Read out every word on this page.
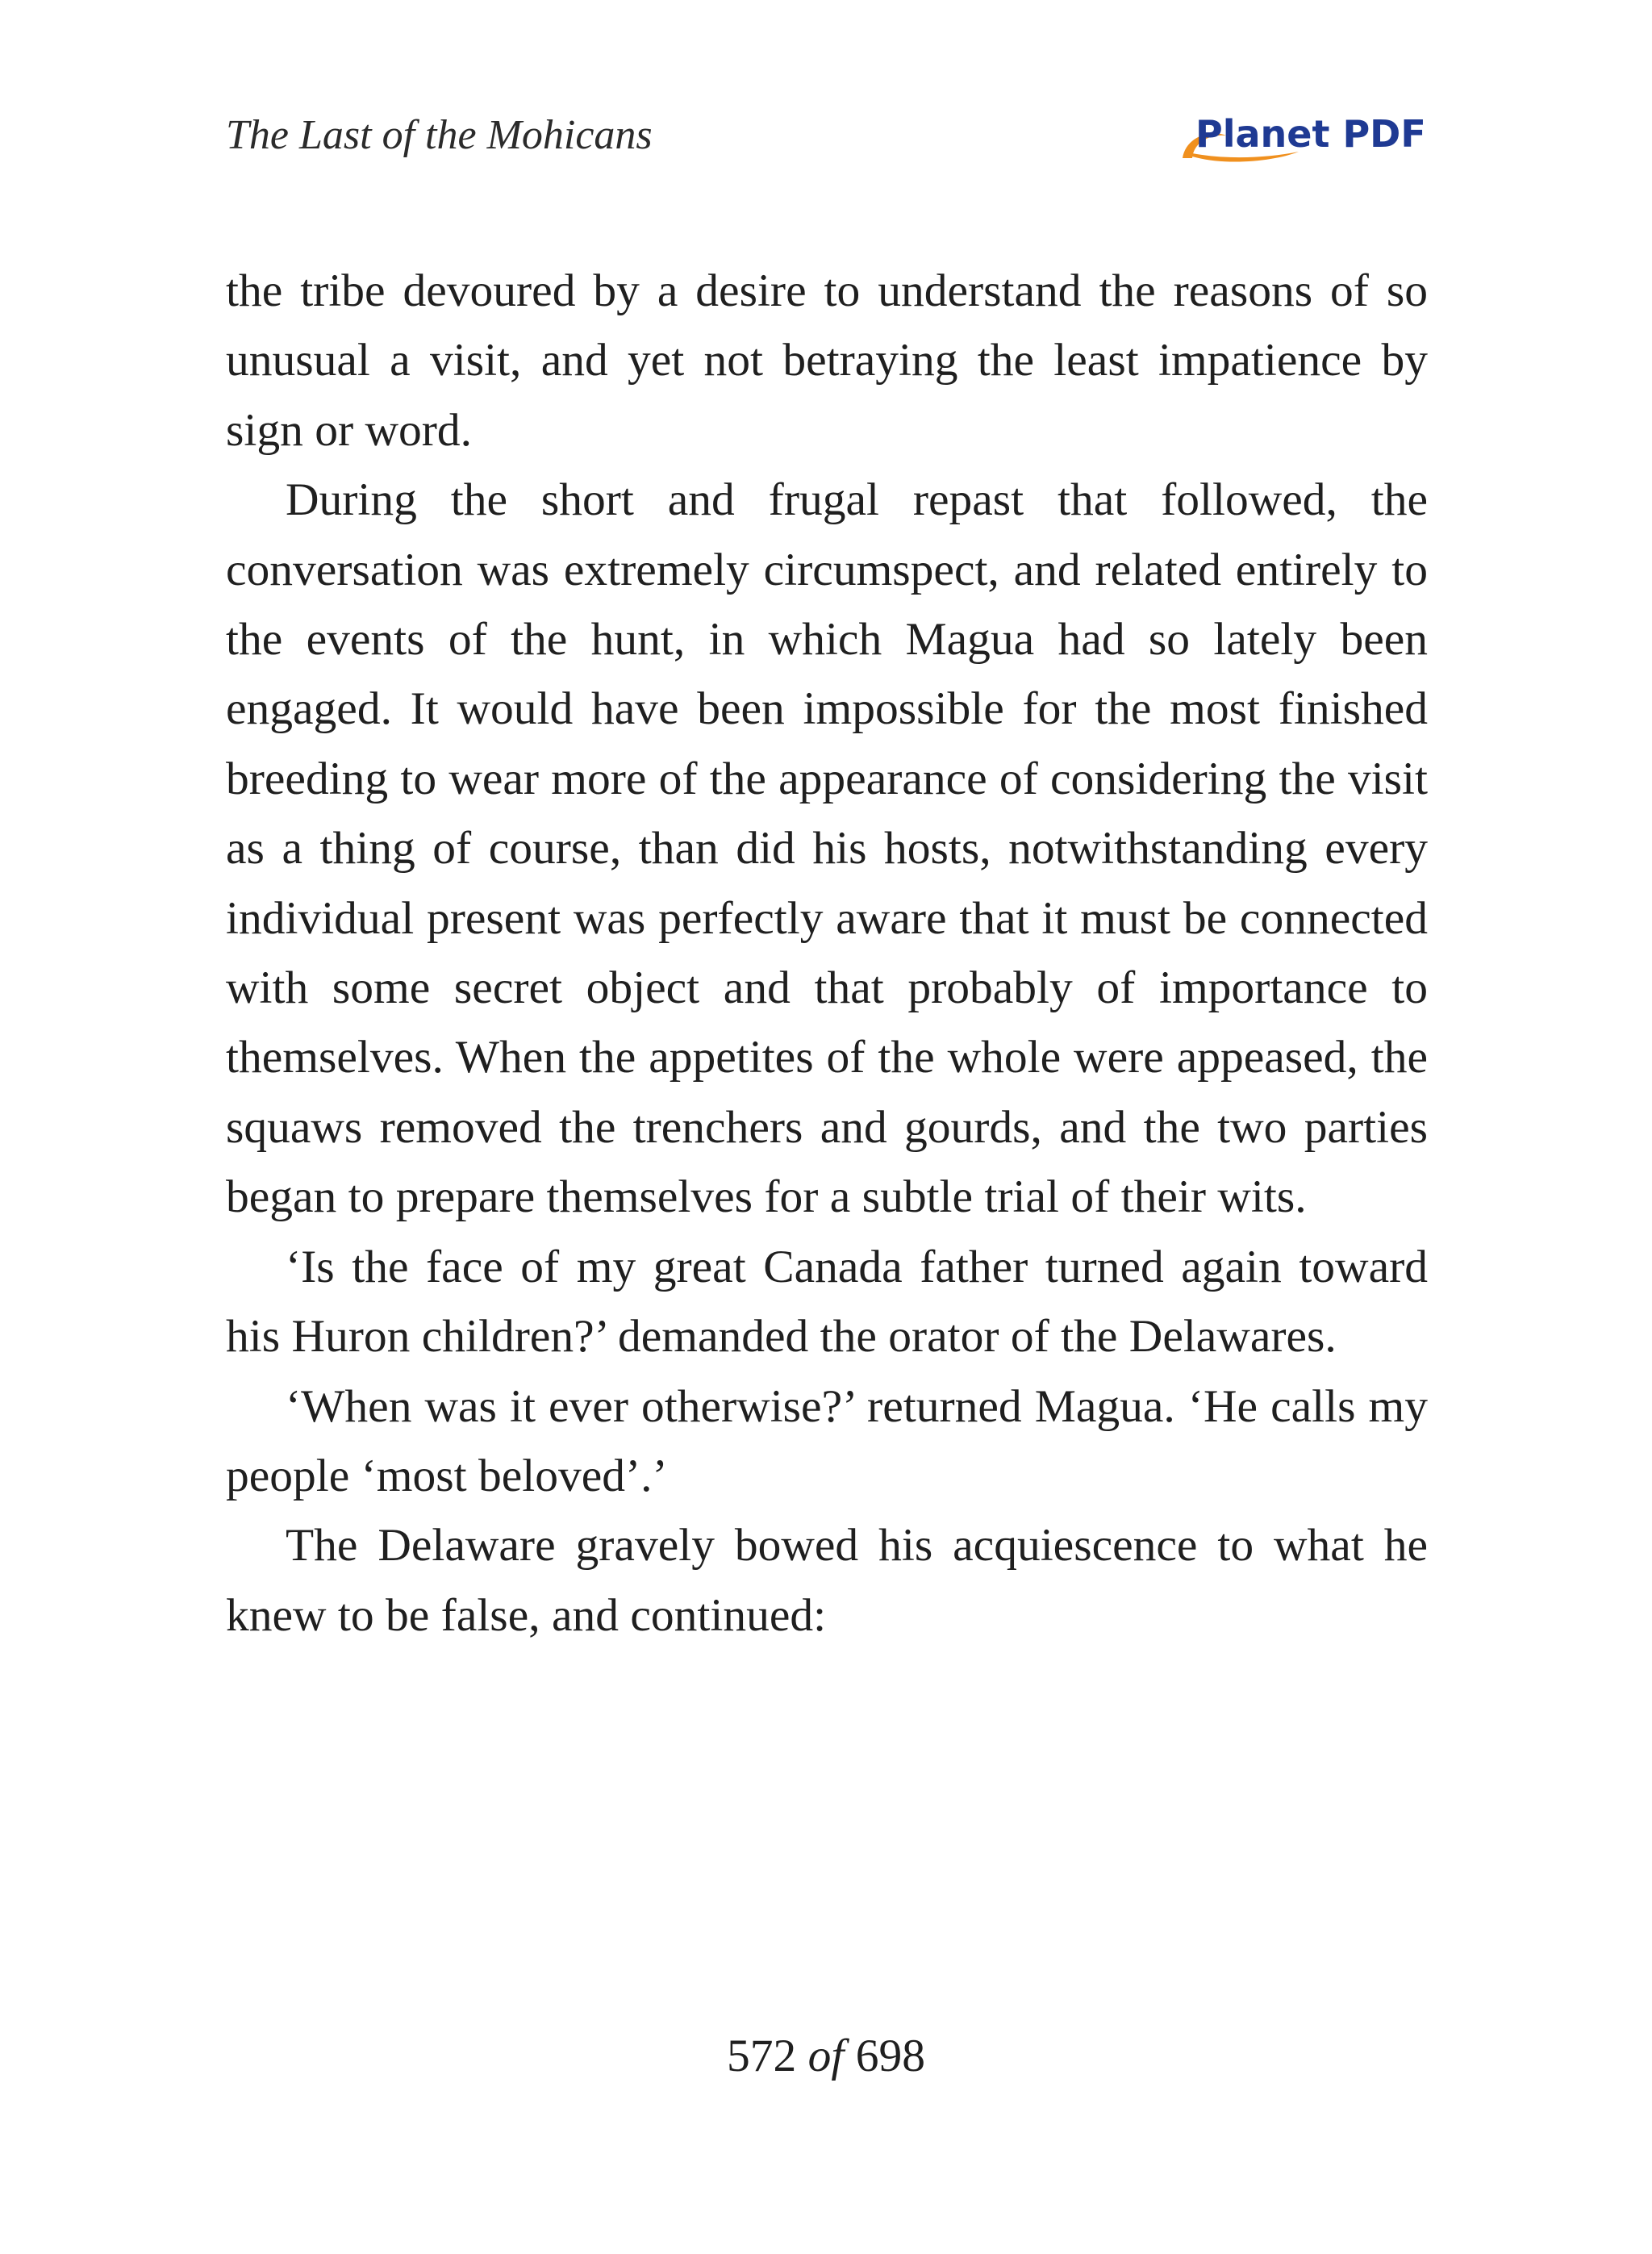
The Last of the Mohicans	Planet PDF

the tribe devoured by a desire to understand the reasons of so unusual a visit, and yet not betraying the least impatience by sign or word.

During the short and frugal repast that followed, the conversation was extremely circumspect, and related entirely to the events of the hunt, in which Magua had so lately been engaged. It would have been impossible for the most finished breeding to wear more of the appearance of considering the visit as a thing of course, than did his hosts, notwithstanding every individual present was perfectly aware that it must be connected with some secret object and that probably of importance to themselves. When the appetites of the whole were appeased, the squaws removed the trenchers and gourds, and the two parties began to prepare themselves for a subtle trial of their wits.

‘Is the face of my great Canada father turned again toward his Huron children?’ demanded the orator of the Delawares.

‘When was it ever otherwise?’ returned Magua. ‘He calls my people ‘most beloved’.’

The Delaware gravely bowed his acquiescence to what he knew to be false, and continued:

572 of 698
